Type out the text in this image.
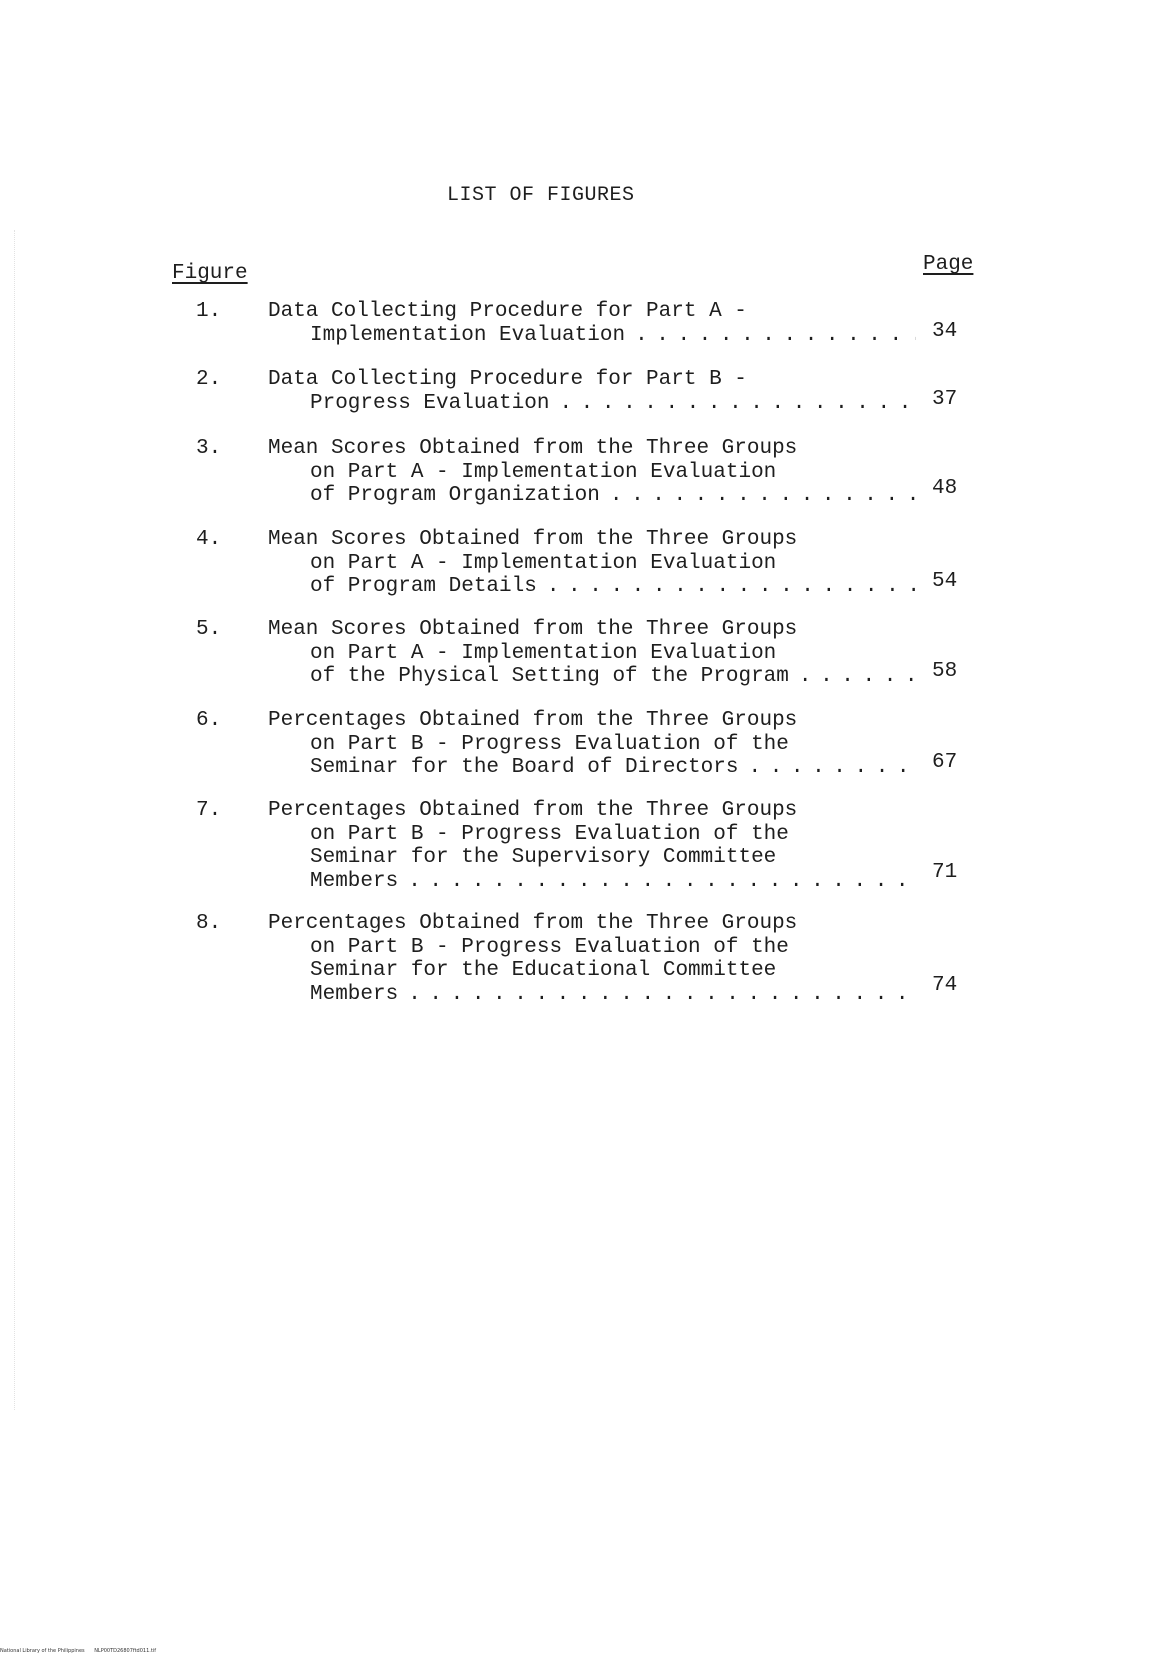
LIST OF FIGURES
Figure	Page
1. Data Collecting Procedure for Part A -
Implementation Evaluation . . .	34
2. Data Collecting Procedure for Part B -
Progress Evaluation . . .	37
3. Mean Scores Obtained from the Three Groups
on Part A - Implementation Evaluation
of Program Organization . . .	48
4. Mean Scores Obtained from the Three Groups
on Part A - Implementation Evaluation
of Program Details . . .	54
5. Mean Scores Obtained from the Three Groups
on Part A - Implementation Evaluation
of the Physical Setting of the Program . . .	58
6. Percentages Obtained from the Three Groups
on Part B - Progress Evaluation of the
Seminar for the Board of Directors . . .	67
7. Percentages Obtained from the Three Groups
on Part B - Progress Evaluation of the
Seminar for the Supervisory Committee
Members . . .	71
8. Percentages Obtained from the Three Groups
on Part B - Progress Evaluation of the
Seminar for the Educational Committee
Members . . .	74
National Library of the Philippines NLP00TD26807ftd011.tif
